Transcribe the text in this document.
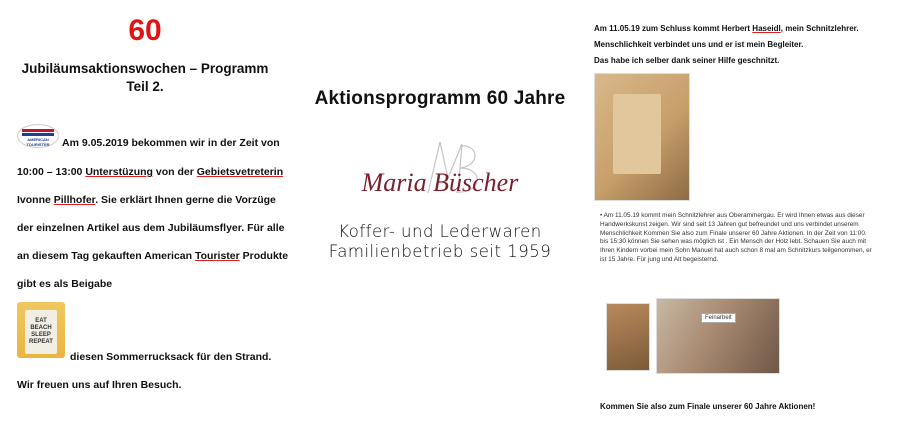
60
Jubiläumsaktionswochen – Programm
Teil 2.
AMERICAN TOURISTER	Am 9.05.2019 bekommen wir in der Zeit von
10:00 – 13:00 Unterstüzung von der Gebietsvetreterin
Ivonne Pillhofer. Sie erklärt Ihnen gerne die Vorzüge
der einzelnen Artikel aus dem Jubiläumsflyer. Für alle
an diesem Tag gekauften American Tourister Produkte
gibt es als Beigabe
EAT BEACH SLEEP REPEAT
diesen Sommerrucksack für den Strand.
Wir freuen uns auf Ihren Besuch.
Aktionsprogramm 60 Jahre
Maria Büscher
Koffer- und Lederwaren
Familienbetrieb seit 1959
Am 11.05.19 zum Schluss kommt Herbert Haseidl, mein Schnitzlehrer.
Menschlichkeit verbindet uns und er ist mein Begleiter.
Das habe ich selber dank seiner Hilfe geschnitzt.
• Am 11.05.19 kommt mein Schnitzlehrer aus Oberammergau. Er wird Ihnen etwas aus dieser Handwerkskunst zeigen. Wir sind seit 13 Jahren gut befreundet und uns verbindet unserem Menschlichkeit Kommen Sie also zum Finale unserer 60 Jahre Aktionen. In der Zeit von 11:00. bis 15:30 können Sie sehen was möglich ist . Ein Mensch der Holz lebt. Schauen Sie auch mit Ihren Kindern vorbei mein Sohn Manuel hat auch schon 8 mal am Schnitzkurs teilgenommen, er ist 15 Jahre. Für jung und Alt begeisternd.
Feinarbeit
Kommen Sie also zum Finale unserer 60 Jahre Aktionen!
